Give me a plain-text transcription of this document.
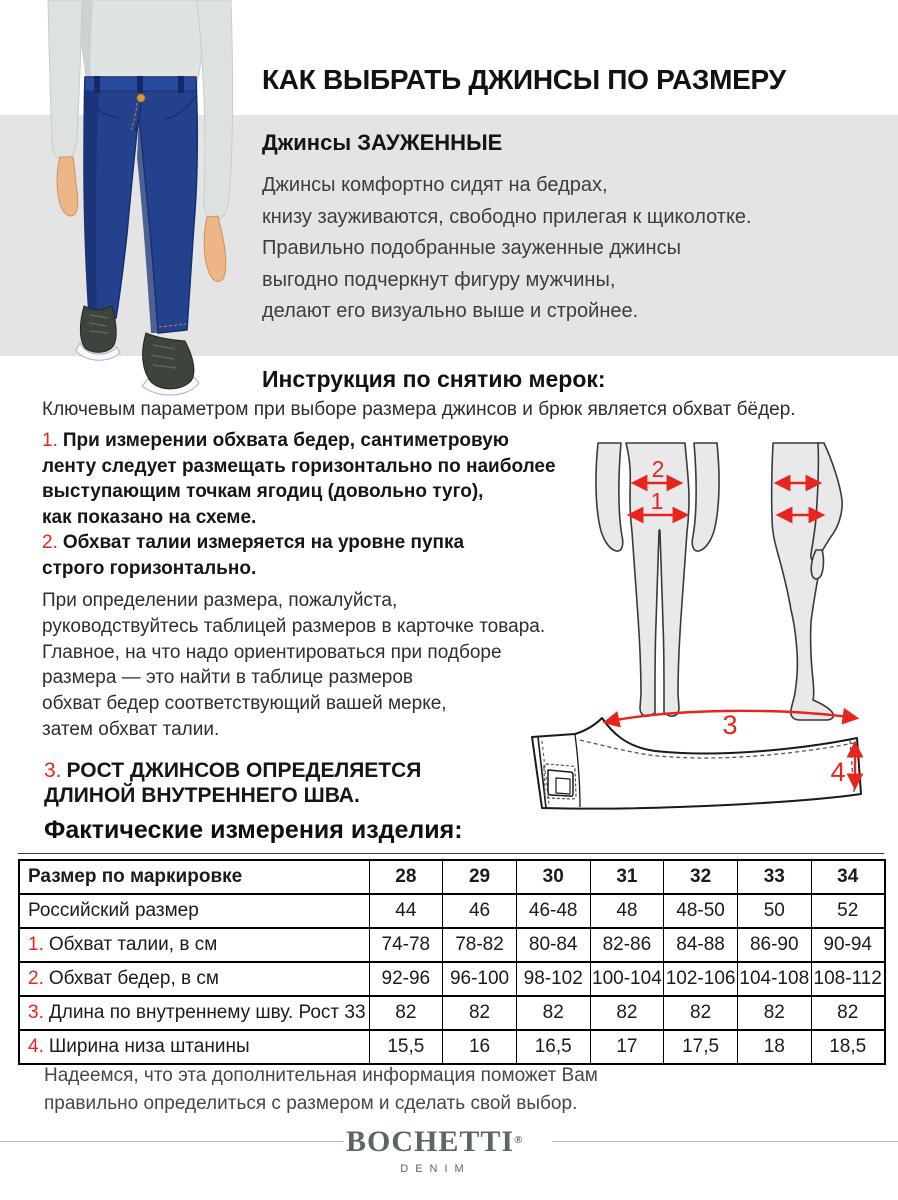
КАК ВЫБРАТЬ ДЖИНСЫ ПО РАЗМЕРУ
Джинсы ЗАУЖЕННЫЕ
Джинсы комфортно сидят на бедрах,
книзу зауживаются, свободно прилегая к щиколотке.
Правильно подобранные зауженные джинсы
выгодно подчеркнут фигуру мужчины,
делают его визуально выше и стройнее.
Инструкция по снятию мерок:
Ключевым параметром при выборе размера джинсов и брюк является обхват бёдер.
1. При измерении обхвата бедер, сантиметровую
ленту следует размещать горизонтально по наиболее
выступающим точкам ягодиц (довольно туго),
как показано на схеме.
2. Обхват талии измеряется на уровне пупка
строго горизонтально.
При определении размера, пожалуйста,
руководствуйтесь таблицей размеров в карточке товара.
Главное, на что надо ориентироваться при подборе
размера — это найти в таблице размеров
обхват бедер соответствующий вашей мерке,
затем обхват талии.
3. РОСТ ДЖИНСОВ ОПРЕДЕЛЯЕТСЯ
ДЛИНОЙ ВНУТРЕННЕГО ШВА.
2
1
3
4
Фактические измерения изделия:
Размер по маркировке	28	29	30	31	32	33	34
Российский размер	44	46	46-48	48	48-50	50	52
1. Обхват талии, в см	74-78	78-82	80-84	82-86	84-88	86-90	90-94
2. Обхват бедер, в см	92-96	96-100	98-102	100-104	102-106	104-108	108-112
3. Длина по внутреннему шву. Рост 33	82	82	82	82	82	82	82
4. Ширина низа штанины	15,5	16	16,5	17	17,5	18	18,5
Надеемся, что эта дополнительная информация поможет Вам
правильно определиться с размером и сделать свой выбор.
BOCHETTI®
DENIM
